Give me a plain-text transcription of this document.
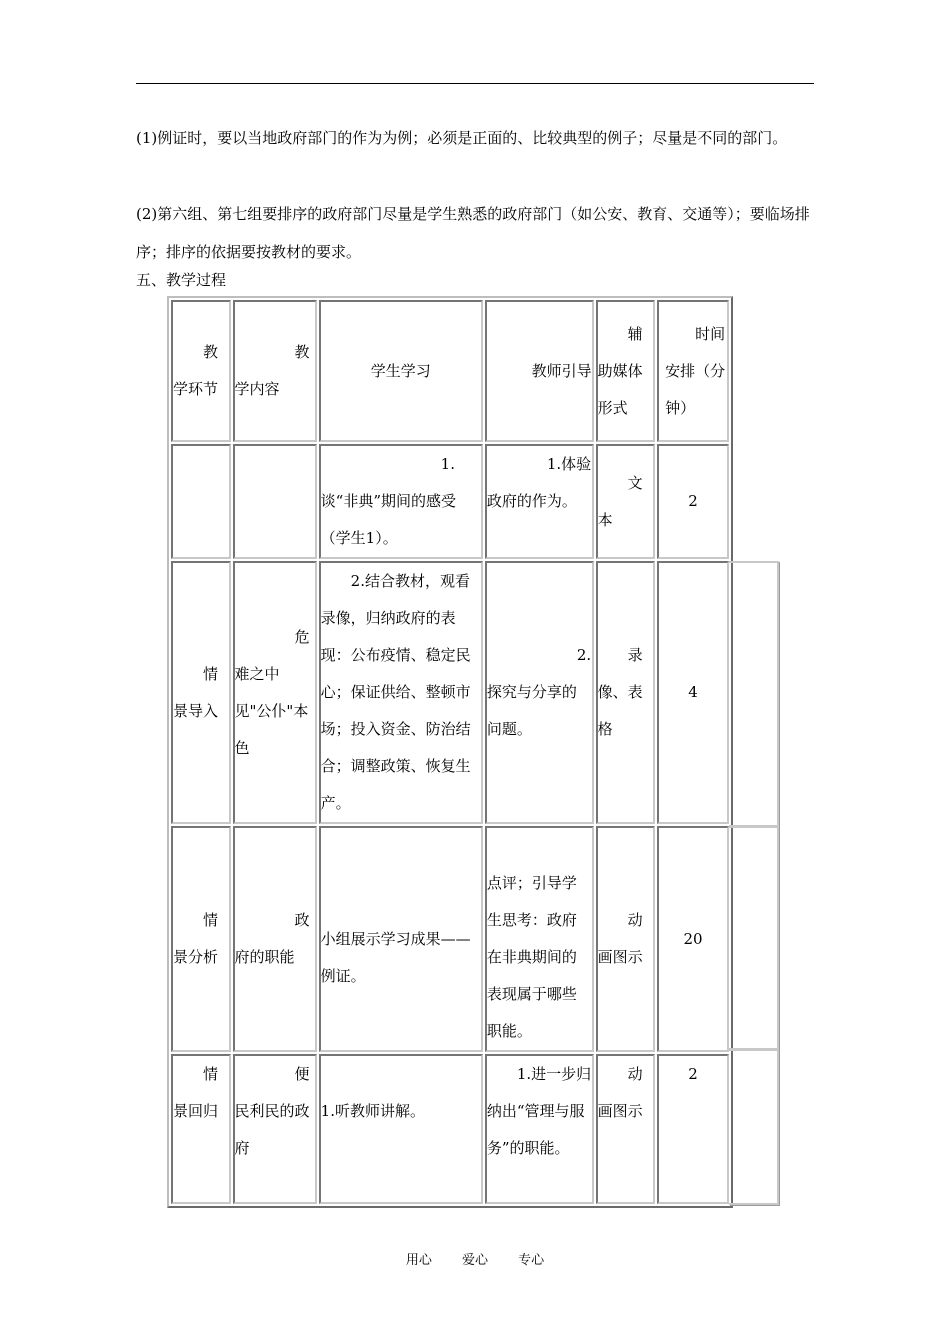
(1)例证时，要以当地政府部门的作为为例；必须是正面的、比较典型的例子；尽量是不同的部门。

(2)第六组、第七组要排序的政府部门尽量是学生熟悉的政府部门（如公安、教育、交通等）；要临场排序；排序的依据要按教材的要求。

五、教学过程

教学环节	教学内容	学生学习	教师引导	辅助媒体形式	时间安排（分钟）
		1.谈“非典”期间的感受（学生1）。	1.体验政府的作为。	文本	2
情景导入	危难之中见"公仆"本色	2.结合教材，观看录像，归纳政府的表现：公布疫情、稳定民心；保证供给、整顿市场；投入资金、防治结合；调整政策、恢复生产。	2.探究与分享的问题。	录像、表格	4
情景分析	政府的职能	小组展示学习成果——例证。	点评；引导学生思考：政府在非典期间的表现属于哪些职能。	动画图示	20
情景回归	便民利民的政府	1.听教师讲解。	1.进一步归纳出“管理与服务”的职能。	动画图示	2
用心 爱心 专心
